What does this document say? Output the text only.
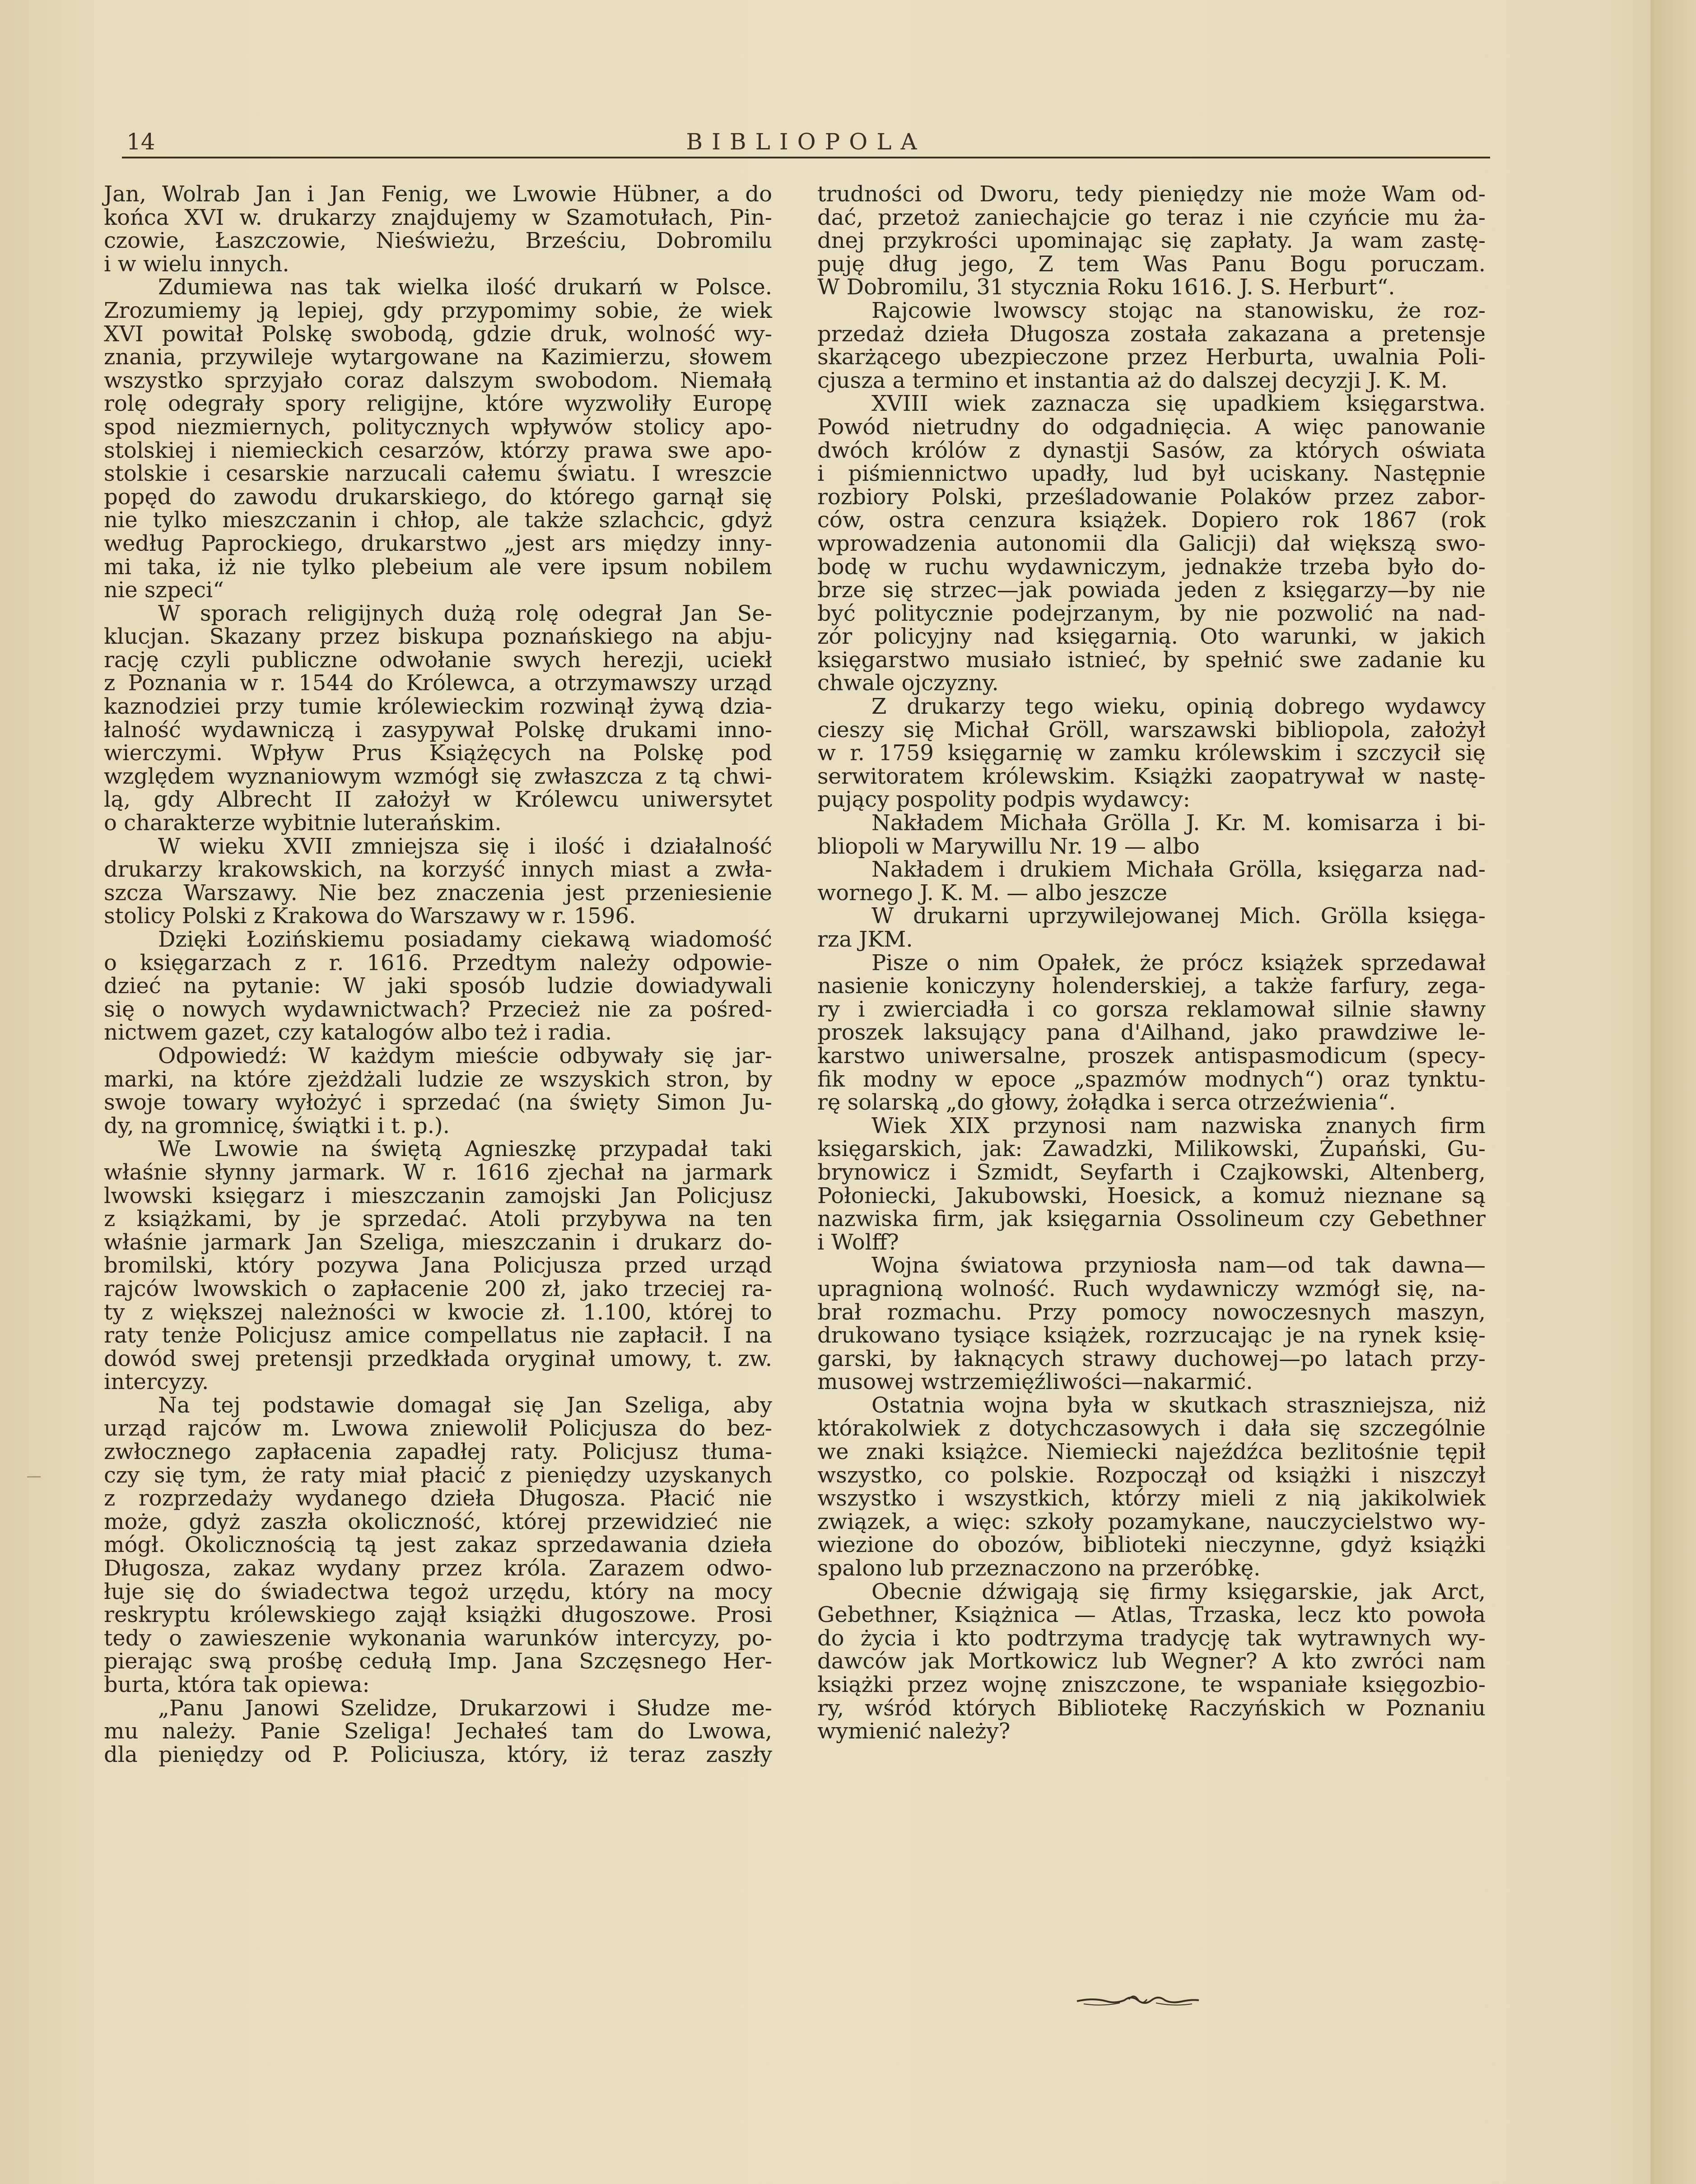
14	BIBLIOPOLA
Jan, Wolrab Jan i Jan Fenig, we Lwowie Hübner, a do
końca XVI w. drukarzy znajdujemy w Szamotułach, Pin-
czowie, Łaszczowie, Nieświeżu, Brześciu, Dobromilu
i w wielu innych.
Zdumiewa nas tak wielka ilość drukarń w Polsce.
Zrozumiemy ją lepiej, gdy przypomimy sobie, że wiek
XVI powitał Polskę swobodą, gdzie druk, wolność wy-
znania, przywileje wytargowane na Kazimierzu, słowem
wszystko sprzyjało coraz dalszym swobodom. Niemałą
rolę odegrały spory religijne, które wyzwoliły Europę
spod niezmiernych, politycznych wpływów stolicy apo-
stolskiej i niemieckich cesarzów, którzy prawa swe apo-
stolskie i cesarskie narzucali całemu światu. I wreszcie
popęd do zawodu drukarskiego, do którego garnął się
nie tylko mieszczanin i chłop, ale także szlachcic, gdyż
według Paprockiego, drukarstwo „jest ars między inny-
mi taka, iż nie tylko plebeium ale vere ipsum nobilem
nie szpeci“
W sporach religijnych dużą rolę odegrał Jan Se-
klucjan. Skazany przez biskupa poznańskiego na abju-
rację czyli publiczne odwołanie swych herezji, uciekł
z Poznania w r. 1544 do Królewca, a otrzymawszy urząd
kaznodziei przy tumie królewieckim rozwinął żywą dzia-
łalność wydawniczą i zasypywał Polskę drukami inno-
wierczymi. Wpływ Prus Książęcych na Polskę pod
względem wyznaniowym wzmógł się zwłaszcza z tą chwi-
lą, gdy Albrecht II założył w Królewcu uniwersytet
o charakterze wybitnie luterańskim.
W wieku XVII zmniejsza się i ilość i działalność
drukarzy krakowskich, na korzyść innych miast a zwła-
szcza Warszawy. Nie bez znaczenia jest przeniesienie
stolicy Polski z Krakowa do Warszawy w r. 1596.
Dzięki Łozińskiemu posiadamy ciekawą wiadomość
o księgarzach z r. 1616. Przedtym należy odpowie-
dzieć na pytanie: W jaki sposób ludzie dowiadywali
się o nowych wydawnictwach? Przecież nie za pośred-
nictwem gazet, czy katalogów albo też i radia.
Odpowiedź: W każdym mieście odbywały się jar-
marki, na które zjeżdżali ludzie ze wszyskich stron, by
swoje towary wyłożyć i sprzedać (na święty Simon Ju-
dy, na gromnicę, świątki i t. p.).
We Lwowie na świętą Agnieszkę przypadał taki
właśnie słynny jarmark. W r. 1616 zjechał na jarmark
lwowski księgarz i mieszczanin zamojski Jan Policjusz
z książkami, by je sprzedać. Atoli przybywa na ten
właśnie jarmark Jan Szeliga, mieszczanin i drukarz do-
bromilski, który pozywa Jana Policjusza przed urząd
rajców lwowskich o zapłacenie 200 zł, jako trzeciej ra-
ty z większej należności w kwocie zł. 1.100, której to
raty tenże Policjusz amice compellatus nie zapłacił. I na
dowód swej pretensji przedkłada oryginał umowy, t. zw.
intercyzy.
Na tej podstawie domagał się Jan Szeliga, aby
urząd rajców m. Lwowa zniewolił Policjusza do bez-
zwłocznego zapłacenia zapadłej raty. Policjusz tłuma-
czy się tym, że raty miał płacić z pieniędzy uzyskanych
z rozprzedaży wydanego dzieła Długosza. Płacić nie
może, gdyż zaszła okoliczność, której przewidzieć nie
mógł. Okolicznością tą jest zakaz sprzedawania dzieła
Długosza, zakaz wydany przez króla. Zarazem odwo-
łuje się do świadectwa tegoż urzędu, który na mocy
reskryptu królewskiego zajął książki długoszowe. Prosi
tedy o zawieszenie wykonania warunków intercyzy, po-
pierając swą prośbę cedułą Imp. Jana Szczęsnego Her-
burta, która tak opiewa:
„Panu Janowi Szelidze, Drukarzowi i Słudze me-
mu należy. Panie Szeliga! Jechałeś tam do Lwowa,
dla pieniędzy od P. Policiusza, który, iż teraz zaszły
trudności od Dworu, tedy pieniędzy nie może Wam od-
dać, przetoż zaniechajcie go teraz i nie czyńcie mu ża-
dnej przykrości upominając się zapłaty. Ja wam zastę-
puję dług jego, Z tem Was Panu Bogu poruczam.
W Dobromilu, 31 stycznia Roku 1616. J. S. Herburt“.
Rajcowie lwowscy stojąc na stanowisku, że roz-
przedaż dzieła Długosza została zakazana a pretensje
skarżącego ubezpieczone przez Herburta, uwalnia Poli-
cjusza a termino et instantia aż do dalszej decyzji J. K. M.
XVIII wiek zaznacza się upadkiem księgarstwa.
Powód nietrudny do odgadnięcia. A więc panowanie
dwóch królów z dynastji Sasów, za których oświata
i piśmiennictwo upadły, lud był uciskany. Następnie
rozbiory Polski, prześladowanie Polaków przez zabor-
ców, ostra cenzura książek. Dopiero rok 1867 (rok
wprowadzenia autonomii dla Galicji) dał większą swo-
bodę w ruchu wydawniczym, jednakże trzeba było do-
brze się strzec—jak powiada jeden z księgarzy—by nie
być politycznie podejrzanym, by nie pozwolić na nad-
zór policyjny nad księgarnią. Oto warunki, w jakich
księgarstwo musiało istnieć, by spełnić swe zadanie ku
chwale ojczyzny.
Z drukarzy tego wieku, opinią dobrego wydawcy
cieszy się Michał Gröll, warszawski bibliopola, założył
w r. 1759 księgarnię w zamku królewskim i szczycił się
serwitoratem królewskim. Książki zaopatrywał w nastę-
pujący pospolity podpis wydawcy:
Nakładem Michała Grölla J. Kr. M. komisarza i bi-
bliopoli w Marywillu Nr. 19 — albo
Nakładem i drukiem Michała Grölla, księgarza nad-
wornego J. K. M. — albo jeszcze
W drukarni uprzywilejowanej Mich. Grölla księga-
rza JKM.
Pisze o nim Opałek, że prócz książek sprzedawał
nasienie koniczyny holenderskiej, a także farfury, zega-
ry i zwierciadła i co gorsza reklamował silnie sławny
proszek laksujący pana d'Ailhand, jako prawdziwe le-
karstwo uniwersalne, proszek antispasmodicum (specy-
fik modny w epoce „spazmów modnych“) oraz tynktu-
rę solarską „do głowy, żołądka i serca otrzeźwienia“.
Wiek XIX przynosi nam nazwiska znanych firm
księgarskich, jak: Zawadzki, Milikowski, Żupański, Gu-
brynowicz i Szmidt, Seyfarth i Czajkowski, Altenberg,
Połoniecki, Jakubowski, Hoesick, a komuż nieznane są
nazwiska firm, jak księgarnia Ossolineum czy Gebethner
i Wolff?
Wojna światowa przyniosła nam—od tak dawna—
upragnioną wolność. Ruch wydawniczy wzmógł się, na-
brał rozmachu. Przy pomocy nowoczesnych maszyn,
drukowano tysiące książek, rozrzucając je na rynek księ-
garski, by łaknących strawy duchowej—po latach przy-
musowej wstrzemięźliwości—nakarmić.
Ostatnia wojna była w skutkach straszniejsza, niż
którakolwiek z dotychczasowych i dała się szczególnie
we znaki książce. Niemiecki najeźdźca bezlitośnie tępił
wszystko, co polskie. Rozpoczął od książki i niszczył
wszystko i wszystkich, którzy mieli z nią jakikolwiek
związek, a więc: szkoły pozamykane, nauczycielstwo wy-
wiezione do obozów, biblioteki nieczynne, gdyż książki
spalono lub przeznaczono na przeróbkę.
Obecnie dźwigają się firmy księgarskie, jak Arct,
Gebethner, Książnica — Atlas, Trzaska, lecz kto powoła
do życia i kto podtrzyma tradycję tak wytrawnych wy-
dawców jak Mortkowicz lub Wegner? A kto zwróci nam
książki przez wojnę zniszczone, te wspaniałe księgozbio-
ry, wśród których Bibliotekę Raczyńskich w Poznaniu
wymienić należy?
